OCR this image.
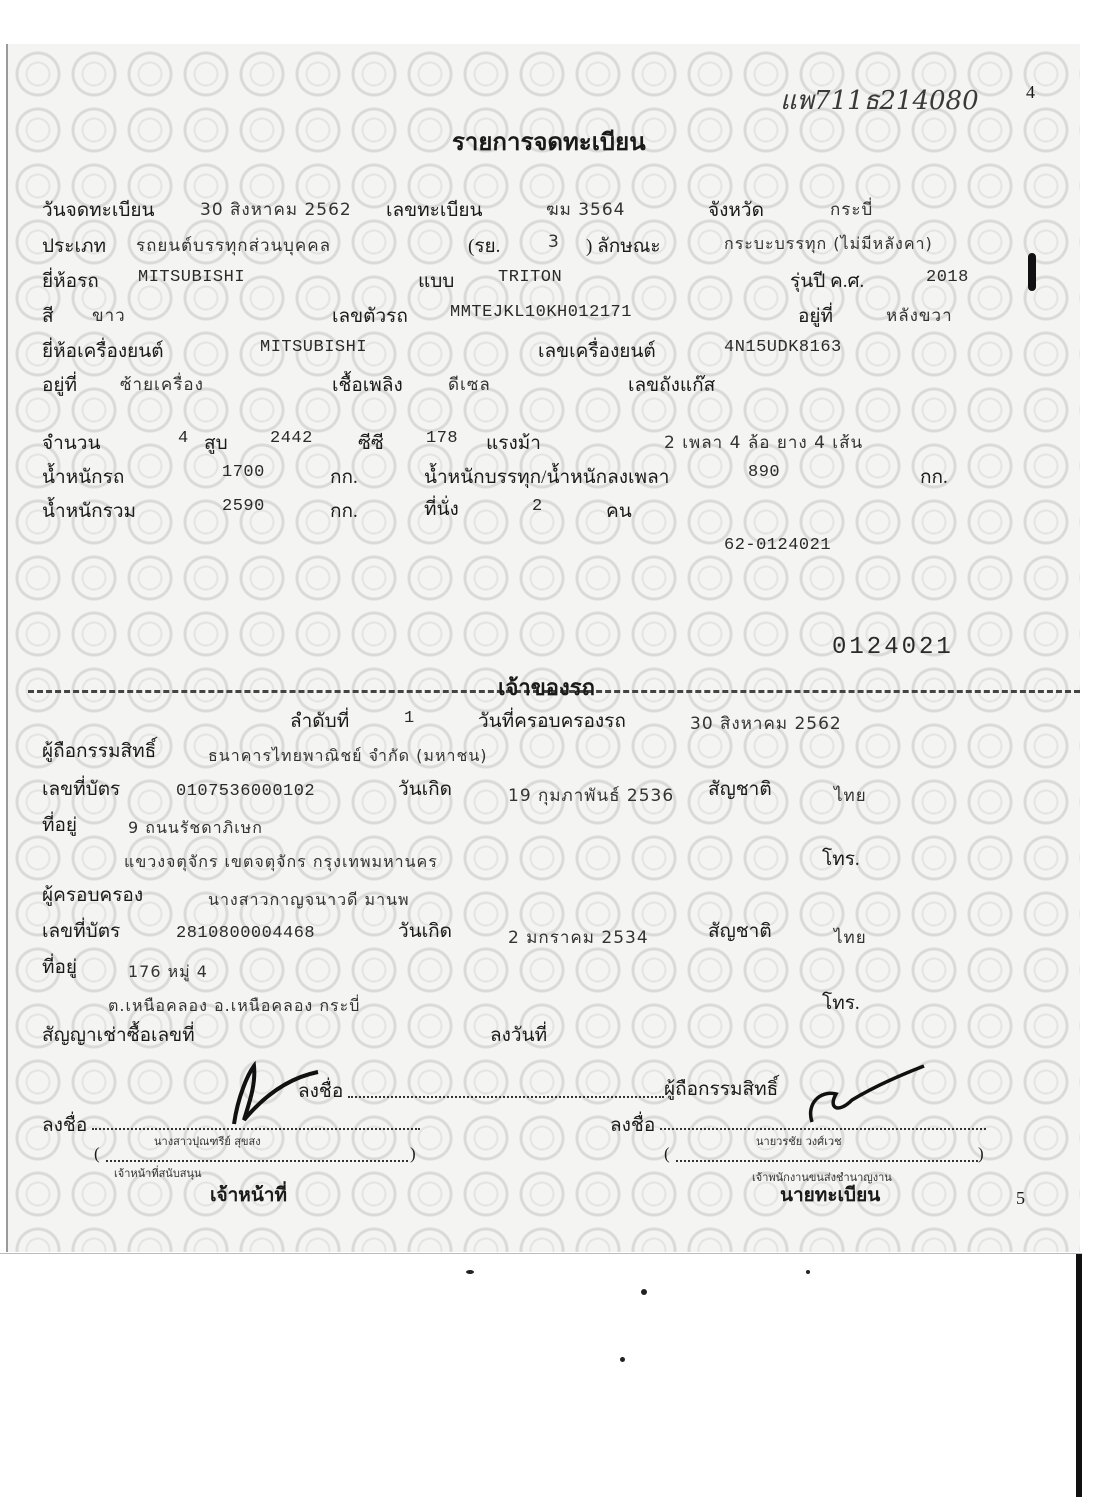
4
แพ711ธ214080
รายการจดทะเบียน
วันจดทะเบียน	30 สิงหาคม 2562 เลขทะเบียน	ฆม 3564	จังหวัด	กระบี่
ประเภท รถยนต์บรรทุกส่วนบุคคล	(รย.	3 ) ลักษณะ	กระบะบรรทุก (ไม่มีหลังคา)
ยี่ห้อรถ MITSUBISHI	แบบ	TRITON	รุ่นปี ค.ศ.	2018
สี ขาว	เลขตัวรถ MMTEJKL10KH012171	อยู่ที่	หลังขวา
ยี่ห้อเครื่องยนต์	MITSUBISHI	เลขเครื่องยนต์	4N15UDK8163
อยู่ที่	ซ้ายเครื่อง	เชื้อเพลิง	ดีเซล	เลขถังแก๊ส
จำนวน	4 สูบ 2442 ซีซี 178 แรงม้า	2 เพลา 4 ล้อ ยาง 4 เส้น
น้ำหนักรถ	1700	กก.	น้ำหนักบรรทุก/น้ำหนักลงเพลา	890	กก.
น้ำหนักรวม	2590	กก.	ที่นั่ง	2	คน
62-0124021
0124021
เจ้าของรถ
ลำดับที่	1	วันที่ครอบครองรถ	30 สิงหาคม 2562
ผู้ถือกรรมสิทธิ์	ธนาคารไทยพาณิชย์ จำกัด (มหาชน)
เลขที่บัตร	0107536000102	วันเกิด	19 กุมภาพันธ์ 2536 สัญชาติ	ไทย
ที่อยู่	9 ถนนรัชดาภิเษก
แขวงจตุจักร เขตจตุจักร กรุงเทพมหานคร	โทร.
ผู้ครอบครอง	นางสาวกาญจนาวดี มานพ
เลขที่บัตร	2810800004468	วันเกิด	2 มกราคม 2534	สัญชาติ	ไทย
ที่อยู่	176 หมู่ 4
ต.เหนือคลอง อ.เหนือคลอง กระบี่	โทร.
สัญญาเช่าซื้อเลขที่	ลงวันที่
ลงชื่อ	ผู้ถือกรรมสิทธิ์
ลงชื่อ
นางสาวปุณฑรีย์ สุขสง
(
เจ้าหน้าที่สนับสนุน
)
เจ้าหน้าที่
ลงชื่อ
นายวรชัย วงศ์เวช
(
เจ้าพนักงานขนส่งชำนาญงาน
)
นายทะเบียน	5
